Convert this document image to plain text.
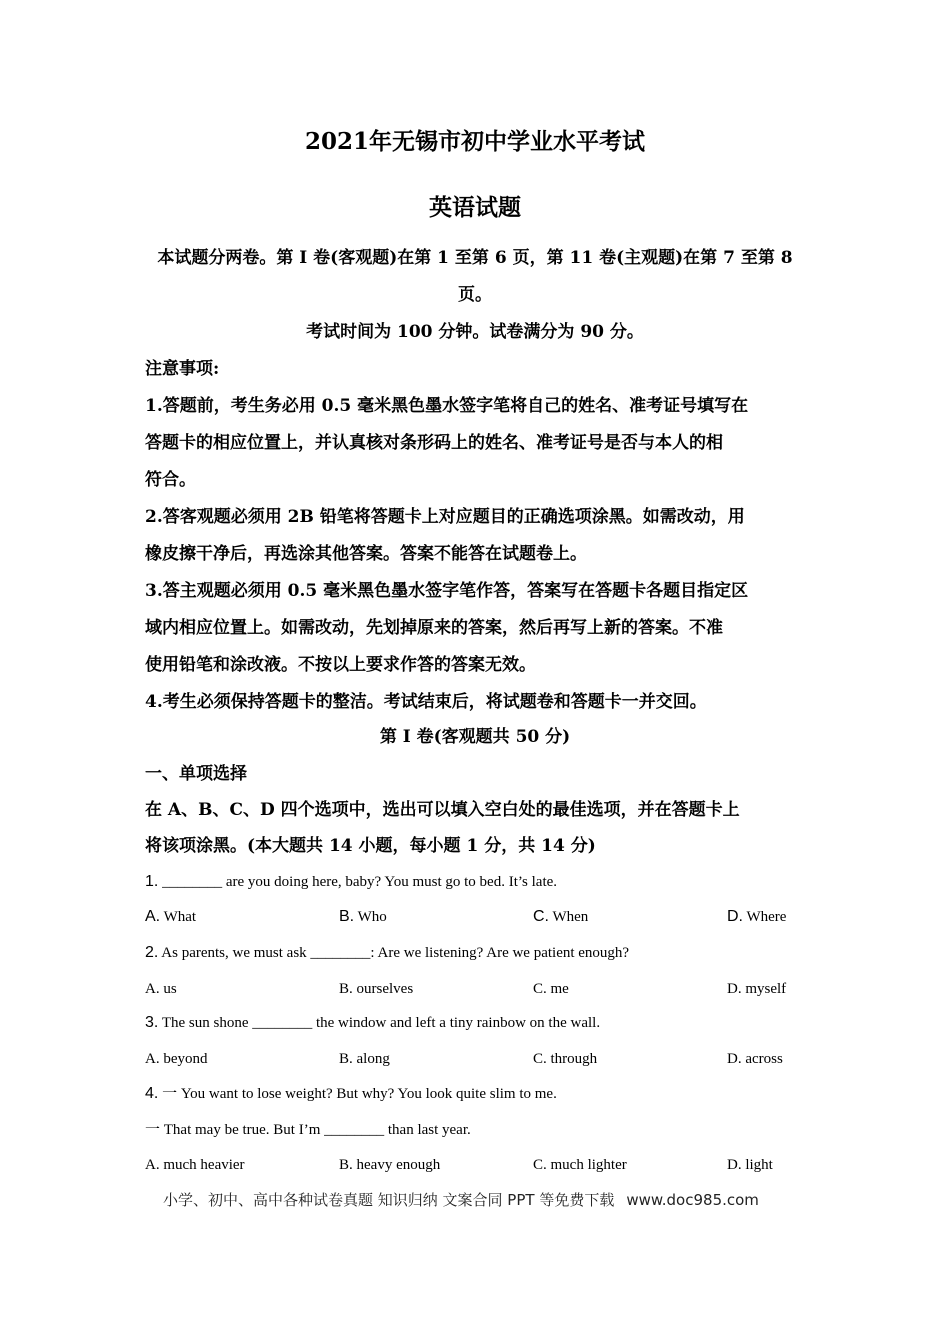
2021年无锡市初中学业水平考试
英语试题
本试题分两卷。第 I 卷(客观题)在第 1 至第 6 页，第 11 卷(主观题)在第 7 至第 8
页。
考试时间为 100 分钟。试卷满分为 90 分。
注意事项:
1.答题前，考生务必用 0.5 毫米黑色墨水签字笔将自己的姓名、准考证号填写在
答题卡的相应位置上，并认真核对条形码上的姓名、准考证号是否与本人的相
符合。
2.答客观题必须用 2B 铅笔将答题卡上对应题目的正确选项涂黑。如需改动，用
橡皮擦干净后，再选涂其他答案。答案不能答在试题卷上。
3.答主观题必须用 0.5 毫米黑色墨水签字笔作答，答案写在答题卡各题目指定区
域内相应位置上。如需改动，先划掉原来的答案，然后再写上新的答案。不准
使用铅笔和涂改液。不按以上要求作答的答案无效。
4.考生必须保持答题卡的整洁。考试结束后，将试题卷和答题卡一并交回。
第 I 卷(客观题共 50 分)
一、单项选择
在 A、B、C、D 四个选项中，选出可以填入空白处的最佳选项，并在答题卡上
将该项涂黑。(本大题共 14 小题，每小题 1 分，共 14 分)
1. ________ are you doing here, baby? You must go to bed. It’s late.
A. What	B. Who	C. When	D. Where
2. As parents, we must ask ________: Are we listening? Are we patient enough?
A. us	B. ourselves	C. me	D. myself
3. The sun shone ________ the window and left a tiny rainbow on the wall.
A. beyond	B. along	C. through	D. across
4. 一 You want to lose weight? But why? You look quite slim to me.
一 That may be true. But I’m ________ than last year.
A. much heavier	B. heavy enough	C. much lighter	D. light
小学、初中、高中各种试卷真题 知识归纳 文案合同 PPT 等免费下载 www.doc985.com
